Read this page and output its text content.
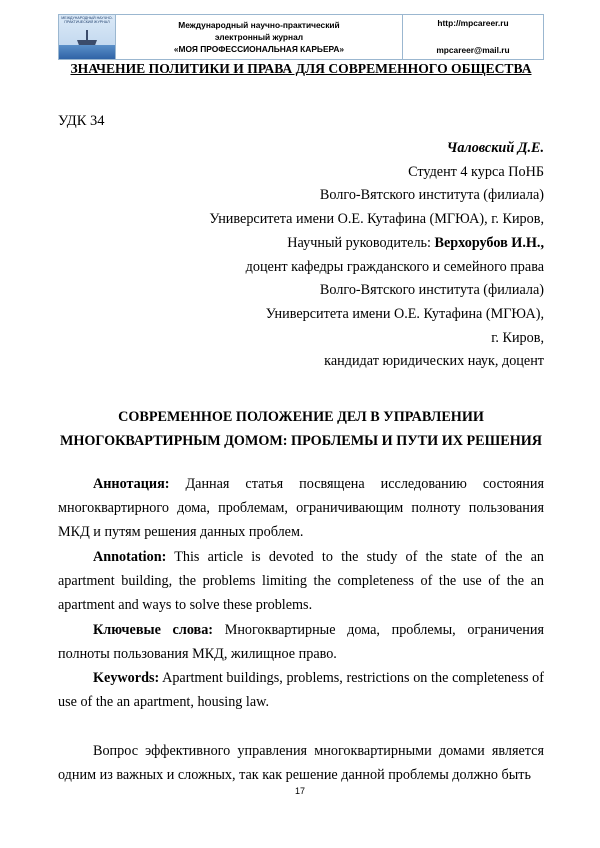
МЕЖДУНАРОДНЫЙ НАУЧНО-ПРАКТИЧЕСКИЙ ЖУРНАЛ	Международный научно-практический
электронный журнал
«МОЯ ПРОФЕССИОНАЛЬНАЯ КАРЬЕРА»
http://mpcareer.ru
mpcareer@mail.ru
ЗНАЧЕНИЕ ПОЛИТИКИ И ПРАВА ДЛЯ СОВРЕМЕННОГО ОБЩЕСТВА
УДК 34
Чаловский Д.Е.
Студент 4 курса ПоНБ
Волго-Вятского института (филиала)
Университета имени О.Е. Кутафина (МГЮА), г. Киров,
Научный руководитель: Верхорубов И.Н.,
доцент кафедры гражданского и семейного права
Волго-Вятского института (филиала)
Университета имени О.Е. Кутафина (МГЮА),
г. Киров,
кандидат юридических наук, доцент
СОВРЕМЕННОЕ ПОЛОЖЕНИЕ ДЕЛ В УПРАВЛЕНИИ
МНОГОКВАРТИРНЫМ ДОМОМ: ПРОБЛЕМЫ И ПУТИ ИХ РЕШЕНИЯ

Аннотация: Данная статья посвящена исследованию состояния многоквартирного дома, проблемам, ограничивающим полноту пользования МКД и путям решения данных проблем.

Annotation: This article is devoted to the study of the state of the an apartment building, the problems limiting the completeness of the use of the an apartment and ways to solve these problems.

Ключевые слова: Многоквартирные дома, проблемы, ограничения полноты пользования МКД, жилищное право.

Keywords: Apartment buildings, problems, restrictions on the completeness of use of the an apartment, housing law.

Вопрос эффективного управления многоквартирными домами является одним из важных и сложных, так как решение данной проблемы должно быть

17
